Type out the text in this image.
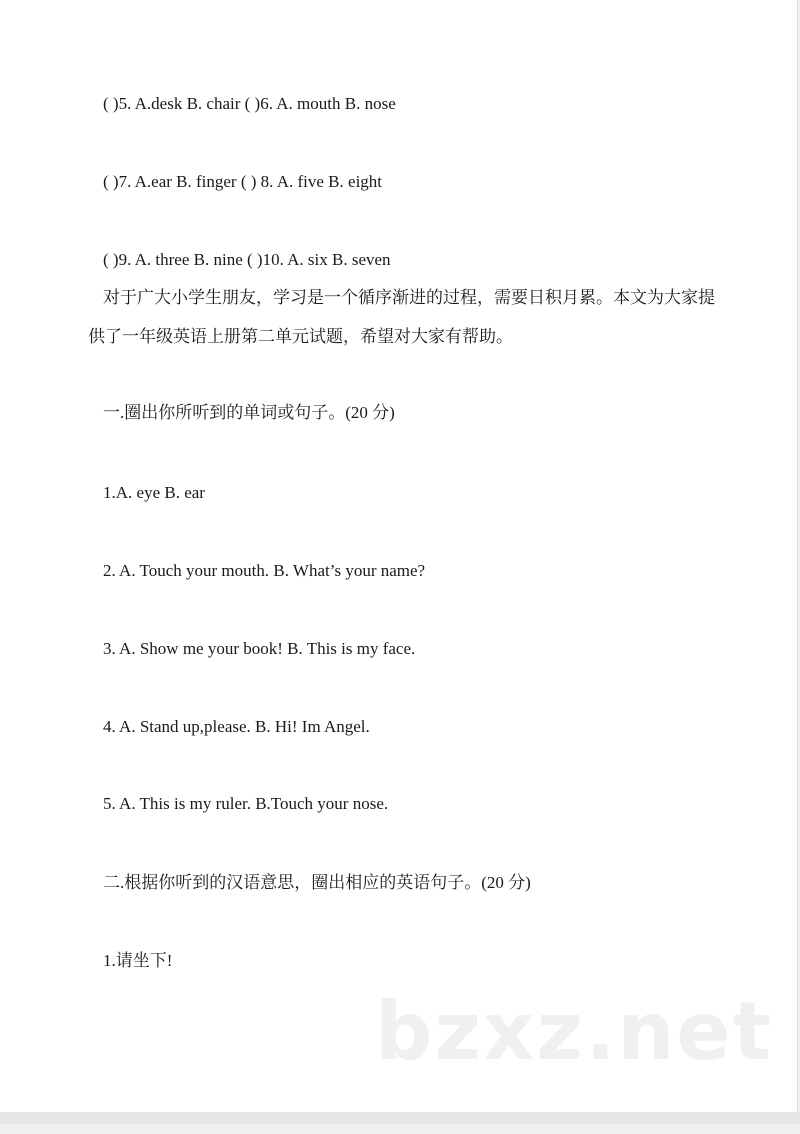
( )5. A.desk B. chair ( )6. A. mouth B. nose
( )7. A.ear B. finger ( ) 8. A. five B. eight
( )9. A. three B. nine ( )10. A. six B. seven
对于广大小学生朋友，学习是一个循序渐进的过程，需要日积月累。本文为大家提供了一年级英语上册第二单元试题，希望对大家有帮助。
一.圈出你所听到的单词或句子。(20 分)
1.A. eye B. ear
2. A. Touch your mouth. B. What’s your name?
3. A. Show me your book! B. This is my face.
4. A. Stand up,please. B. Hi! Im Angel.
5. A. This is my ruler. B.Touch your nose.
二.根据你听到的汉语意思，圈出相应的英语句子。(20 分)
1.请坐下!
bzxz.net
